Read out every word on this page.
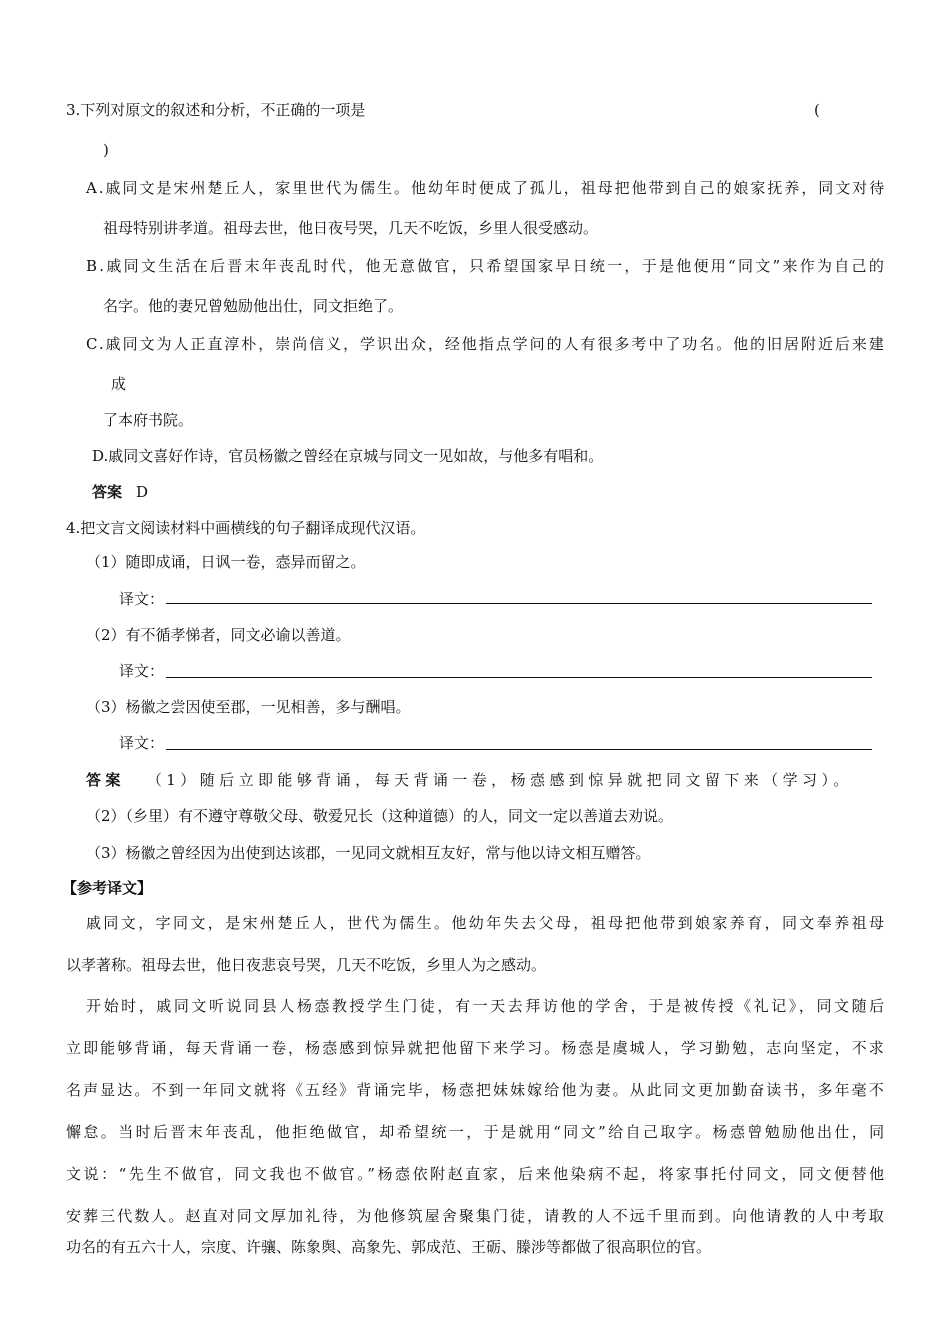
3.下列对原文的叙述和分析，不正确的一项是	(
)
A.戚同文是宋州楚丘人，家里世代为儒生。他幼年时便成了孤儿，祖母把他带到自己的娘家抚养，同文对待
祖母特别讲孝道。祖母去世，他日夜号哭，几天不吃饭，乡里人很受感动。
B.戚同文生活在后晋末年丧乱时代，他无意做官，只希望国家早日统一，于是他便用“同文”来作为自己的
名字。他的妻兄曾勉励他出仕，同文拒绝了。
C.戚同文为人正直淳朴，崇尚信义，学识出众，经他指点学问的人有很多考中了功名。他的旧居附近后来建
成
了本府书院。
D.戚同文喜好作诗，官员杨徽之曾经在京城与同文一见如故，与他多有唱和。
答案 D
4.把文言文阅读材料中画横线的句子翻译成现代汉语。
（1）随即成诵，日讽一卷，悫异而留之。
译文：
（2）有不循孝悌者，同文必谕以善道。
译文：
（3）杨徽之尝因使至郡，一见相善，多与酬唱。
译文：
答案 （1）随后立即能够背诵，每天背诵一卷，杨悫感到惊异就把同文留下来（学习）。
（2）（乡里）有不遵守尊敬父母、敬爱兄长（这种道德）的人，同文一定以善道去劝说。
（3）杨徽之曾经因为出使到达该郡，一见同文就相互友好，常与他以诗文相互赠答。
【参考译文】
戚同文，字同文，是宋州楚丘人，世代为儒生。他幼年失去父母，祖母把他带到娘家养育，同文奉养祖母
以孝著称。祖母去世，他日夜悲哀号哭，几天不吃饭，乡里人为之感动。
开始时，戚同文听说同县人杨悫教授学生门徒，有一天去拜访他的学舍，于是被传授《礼记》，同文随后
立即能够背诵，每天背诵一卷，杨悫感到惊异就把他留下来学习。杨悫是虞城人，学习勤勉，志向坚定，不求
名声显达。不到一年同文就将《五经》背诵完毕，杨悫把妹妹嫁给他为妻。从此同文更加勤奋读书，多年毫不
懈怠。当时后晋末年丧乱，他拒绝做官，却希望统一，于是就用“同文”给自己取字。杨悫曾勉励他出仕，同
文说：“先生不做官，同文我也不做官。”杨悫依附赵直家，后来他染病不起，将家事托付同文，同文便替他
安葬三代数人。赵直对同文厚加礼待，为他修筑屋舍聚集门徒，请教的人不远千里而到。向他请教的人中考取
功名的有五六十人，宗度、许骧、陈象舆、高象先、郭成范、王砺、滕涉等都做了很高职位的官。
